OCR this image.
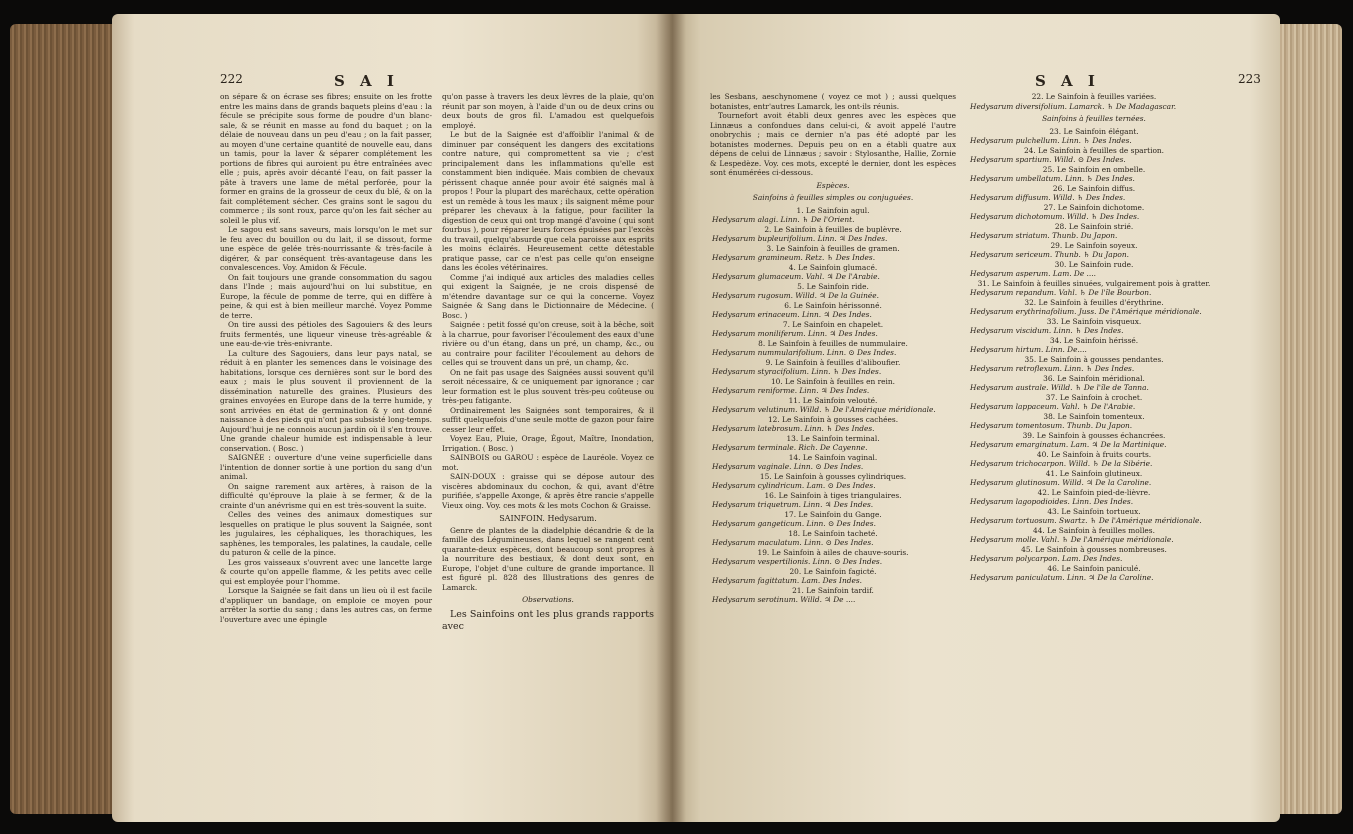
222	S A I

on sépare & on écrase ses fibres; ensuite on les frotte entre les mains dans de grands baquets pleins d'eau : la fécule se précipite sous forme de poudre d'un blanc-sale, & se réunit en masse au fond du baquet ; on la délaie de nouveau dans un peu d'eau ; on la fait passer, au moyen d'une certaine quantité de nouvelle eau, dans un tamis, pour la laver & séparer complétement les portions de fibres qui auroient pu être entraînées avec elle ; puis, après avoir décanté l'eau, on fait passer la pâte à travers une lame de métal perforée, pour la former en grains de la grosseur de ceux du blé, & on la fait complétement sécher. Ces grains sont le sagou du commerce ; ils sont roux, parce qu'on les fait sécher au soleil le plus vif.

Le sagou est sans saveurs, mais lorsqu'on le met sur le feu avec du bouillon ou du lait, il se dissout, forme une espèce de gelée très-nourrissante & très-facile à digérer, & par conséquent très-avantageuse dans les convalescences. Voy. Amidon & Fécule.

On fait toujours une grande consommation du sagou dans l'Inde ; mais aujourd'hui on lui substitue, en Europe, la fécule de pomme de terre, qui en diffère à peine, & qui est à bien meilleur marché. Voyez Pomme de terre.

On tire aussi des pétioles des Sagouiers & des leurs fruits fermentés, une liqueur vineuse très-agréable & une eau-de-vie très-enivrante.

La culture des Sagouiers, dans leur pays natal, se réduit à en planter les semences dans le voisinage des habitations, lorsque ces dernières sont sur le bord des eaux ; mais le plus souvent il proviennent de la dissémination naturelle des graines. Plusieurs des graines envoyées en Europe dans de la terre humide, y sont arrivées en état de germination & y ont donné naissance à des pieds qui n'ont pas subsisté long-temps. Aujourd'hui je ne connois aucun jardin où il s'en trouve. Une grande chaleur humide est indispensable à leur conservation. ( Bosc. )

SAIGNÉE : ouverture d'une veine superficielle dans l'intention de donner sortie à une portion du sang d'un animal.

On saigne rarement aux artères, à raison de la difficulté qu'éprouve la plaie à se fermer, & de la crainte d'un anévrisme qui en est très-souvent la suite.

Celles des veines des animaux domestiques sur lesquelles on pratique le plus souvent la Saignée, sont les jugulaires, les céphaliques, les thorachiques, les saphènes, les temporales, les palatines, la caudale, celle du paturon & celle de la pince.

Les gros vaisseaux s'ouvrent avec une lancette large & courte qu'on appelle flamme, & les petits avec celle qui est employée pour l'homme.

Lorsque la Saignée se fait dans un lieu où il est facile d'appliquer un bandage, on emploie ce moyen pour arrêter la sortie du sang ; dans les autres cas, on ferme l'ouverture avec une épingle

qu'on passe à travers les deux lèvres de la plaie, qu'on réunit par son moyen, à l'aide d'un ou de deux crins ou deux bouts de gros fil. L'amadou est quelquefois employé.

Le but de la Saignée est d'affoiblir l'animal & de diminuer par conséquent les dangers des excitations contre nature, qui compromettent sa vie ; c'est principalement dans les inflammations qu'elle est constamment bien indiquée. Mais combien de chevaux périssent chaque année pour avoir été saignés mal à propos ! Pour la plupart des maréchaux, cette opération est un remède à tous les maux ; ils saignent même pour préparer les chevaux à la fatigue, pour faciliter la digestion de ceux qui ont trop mangé d'avoine ( qui sont fourbus ), pour réparer leurs forces épuisées par l'excès du travail, quelqu'absurde que cela paroisse aux esprits les moins éclairés. Heureusement cette détestable pratique passe, car ce n'est pas celle qu'on enseigne dans les écoles vétérinaires.

Comme j'ai indiqué aux articles des maladies celles qui exigent la Saignée, je ne crois dispensé de m'étendre davantage sur ce qui la concerne. Voyez Saignée & Sang dans le Dictionnaire de Médecine. ( Bosc. )

Saignée : petit fossé qu'on creuse, soit à la bêche, soit à la charrue, pour favoriser l'écoulement des eaux d'une rivière ou d'un étang, dans un pré, un champ, &c., ou au contraire pour faciliter l'écoulement au dehors de celles qui se trouvent dans un pré, un champ, &c.

On ne fait pas usage des Saignées aussi souvent qu'il seroit nécessaire, & ce uniquement par ignorance ; car leur formation est le plus souvent très-peu coûteuse ou très-peu fatigante.

Ordinairement les Saignées sont temporaires, & il suffit quelquefois d'une seule motte de gazon pour faire cesser leur effet.

Voyez Eau, Pluie, Orage, Égout, Maître, Inondation, Irrigation. ( Bosc. )

SAINBOIS ou GAROU : espèce de Lauréole. Voyez ce mot.

SAIN-DOUX : graisse qui se dépose autour des viscères abdominaux du cochon, & qui, avant d'être purifiée, s'appelle Axonge, & après être rancie s'appelle Vieux oing. Voy. ces mots & les mots Cochon & Graisse.

SAINFOIN. Hedysarum.

Genre de plantes de la diadelphie décandrie & de la famille des Légumineuses, dans lequel se rangent cent quarante-deux espèces, dont beaucoup sont propres à la nourriture des bestiaux, & dont deux sont, en Europe, l'objet d'une culture de grande importance. Il est figuré pl. 828 des Illustrations des genres de Lamarck.

Observations.

Les Sainfoins ont les plus grands rapports avec

S A I	223

les Sesbans, aeschynomene ( voyez ce mot ) ; aussi quelques botanistes, entr'autres Lamarck, les ont-ils réunis.

Tournefort avoit établi deux genres avec les espèces que Linnæus a confondues dans celui-ci, & avoit appelé l'autre onobrychis ; mais ce dernier n'a pas été adopté par les botanistes modernes. Depuis peu on en a établi quatre aux dépens de celui de Linnæus ; savoir : Stylosanthe, Hallie, Zornie & Lespedèze. Voy. ces mots, excepté le dernier, dont les espèces sont énumérées ci-dessous.

Espèces.

Sainfoins à feuilles simples ou conjuguées.

1. Le Sainfoin agul.
Hedysarum alagi. Linn. ♄ De l'Orient.

2. Le Sainfoin à feuilles de buplèvre.
Hedysarum bupleurifolium. Linn. ♃ Des Indes.

3. Le Sainfoin à feuilles de gramen.
Hedysarum gramineum. Retz. ♄ Des Indes.

4. Le Sainfoin glumacé.
Hedysarum glumaceum. Vahl. ♃ De l'Arabie.

5. Le Sainfoin ride.
Hedysarum rugosum. Willd. ♃ De la Guinée.

6. Le Sainfoin hérissonné.
Hedysarum erinaceum. Linn. ♃ Des Indes.

7. Le Sainfoin en chapelet.
Hedysarum moniliferum. Linn. ♃ Des Indes.

8. Le Sainfoin à feuilles de nummulaire.
Hedysarum nummularifolium. Linn. ⊙ Des Indes.

9. Le Sainfoin à feuilles d'aliboufier.
Hedysarum styracifolium. Linn. ♄ Des Indes.

10. Le Sainfoin à feuilles en rein.
Hedysarum reniforme. Linn. ♃ Des Indes.

11. Le Sainfoin velouté.
Hedysarum velutinum. Willd. ♄ De l'Amérique méridionale.

12. Le Sainfoin à gousses cachées.
Hedysarum latebrosum. Linn. ♄ Des Indes.

13. Le Sainfoin terminal.
Hedysarum terminale. Rich. De Cayenne.

14. Le Sainfoin vaginal.
Hedysarum vaginale. Linn. ⊙ Des Indes.

15. Le Sainfoin à gousses cylindriques.
Hedysarum cylindricum. Lam. ⊙ Des Indes.

16. Le Sainfoin à tiges triangulaires.
Hedysarum triquetrum. Linn. ♃ Des Indes.

17. Le Sainfoin du Gange.
Hedysarum gangeticum. Linn. ⊙ Des Indes.

18. Le Sainfoin tacheté.
Hedysarum maculatum. Linn. ⊙ Des Indes.

19. Le Sainfoin à ailes de chauve-souris.
Hedysarum vespertilionis. Linn. ⊙ Des Indes.

20. Le Sainfoin fagicté.
Hedysarum fagittatum. Lam. Des Indes.

21. Le Sainfoin tardif.
Hedysarum serotinum. Willd. ♃ De ....

22. Le Sainfoin à feuilles variées.
Hedysarum diversifolium. Lamarck. ♄ De Madagascar.

Sainfoins à feuilles ternées.

23. Le Sainfoin élégant.
Hedysarum pulchellum. Linn. ♄ Des Indes.

24. Le Sainfoin à feuilles de spartion.
Hedysarum spartium. Willd. ⊙ Des Indes.

25. Le Sainfoin en ombelle.
Hedysarum umbellatum. Linn. ♄ Des Indes.

26. Le Sainfoin diffus.
Hedysarum diffusum. Willd. ♄ Des Indes.

27. Le Sainfoin dichotome.
Hedysarum dichotomum. Willd. ♄ Des Indes.

28. Le Sainfoin strié.
Hedysarum striatum. Thunb. Du Japon.

29. Le Sainfoin soyeux.
Hedysarum sericeum. Thunb. ♄ Du Japon.

30. Le Sainfoin rude.
Hedysarum asperum. Lam. De ....

31. Le Sainfoin à feuilles sinuées, vulgairement pois à gratter.
Hedysarum repandum. Vahl. ♄ De l'île Bourbon.

32. Le Sainfoin à feuilles d'érythrine.
Hedysarum erythrinafolium. Juss. De l'Amérique méridionale.

33. Le Sainfoin visqueux.
Hedysarum viscidum. Linn. ♄ Des Indes.

34. Le Sainfoin hérissé.
Hedysarum hirtum. Linn. De....

35. Le Sainfoin à gousses pendantes.
Hedysarum retroflexum. Linn. ♄ Des Indes.

36. Le Sainfoin méridional.
Hedysarum australe. Willd. ♄ De l'île de Tanna.

37. Le Sainfoin à crochet.
Hedysarum lappaceum. Vahl. ♄ De l'Arabie.

38. Le Sainfoin tomenteux.
Hedysarum tomentosum. Thunb. Du Japon.

39. Le Sainfoin à gousses échancrées.
Hedysarum emarginatum. Lam. ♃ De la Martinique.

40. Le Sainfoin à fruits courts.
Hedysarum trichocarpon. Willd. ♄ De la Sibérie.

41. Le Sainfoin glutineux.
Hedysarum glutinosum. Willd. ♃ De la Caroline.

42. Le Sainfoin pied-de-lièvre.
Hedysarum lagopodioides. Linn. Des Indes.

43. Le Sainfoin tortueux.
Hedysarum tortuosum. Swartz. ♄ De l'Amérique méridionale.

44. Le Sainfoin à feuilles molles.
Hedysarum molle. Vahl. ♄ De l'Amérique méridionale.

45. Le Sainfoin à gousses nombreuses.
Hedysarum polycarpon. Lam. Des Indes.

46. Le Sainfoin paniculé.
Hedysarum paniculatum. Linn. ♃ De la Caroline.
